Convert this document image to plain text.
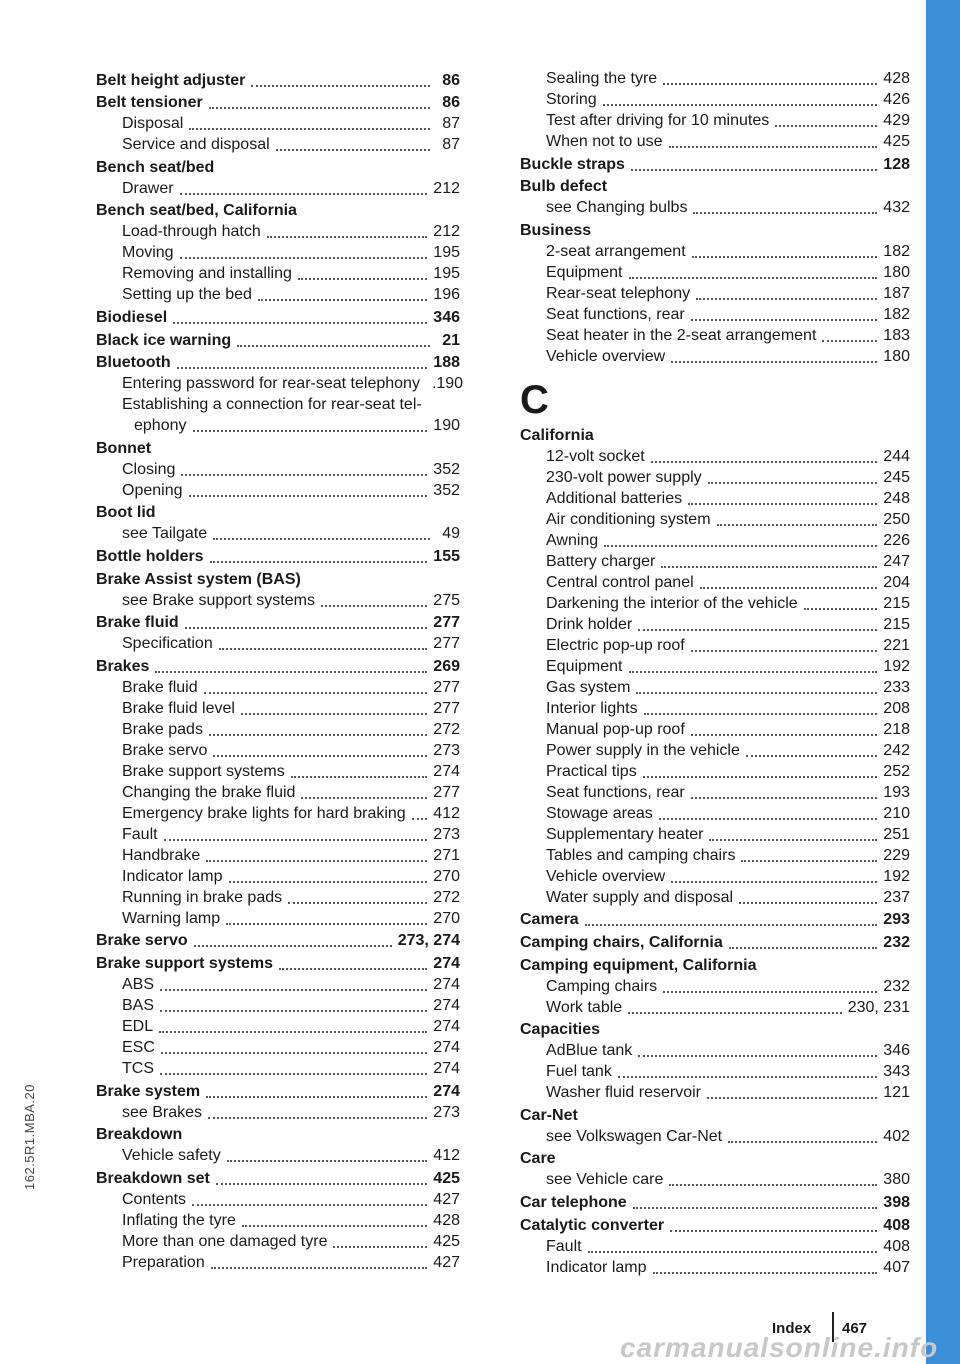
162.5R1.MBA.20
Belt height adjuster	86
Belt tensioner	86
Disposal	87
Service and disposal	87
Bench seat/bed
Drawer	212
Bench seat/bed, California
Load-through hatch	212
Moving	195
Removing and installing	195
Setting up the bed	196
Biodiesel	346
Black ice warning	21
Bluetooth	188
Entering password for rear-seat telephony .190
Establishing a connection for rear-seat tel-
ephony	190
Bonnet
Closing	352
Opening	352
Boot lid
see Tailgate	49
Bottle holders	155
Brake Assist system (BAS)
see Brake support systems	275
Brake fluid	277
Specification	277
Brakes	269
Brake fluid	277
Brake fluid level	277
Brake pads	272
Brake servo	273
Brake support systems	274
Changing the brake fluid	277
Emergency brake lights for hard braking 412
Fault	273
Handbrake	271
Indicator lamp	270
Running in brake pads	272
Warning lamp	270
Brake servo	273, 274
Brake support systems	274
ABS	274
BAS	274
EDL	274
ESC	274
TCS	274
Brake system	274
see Brakes	273
Breakdown
Vehicle safety	412
Breakdown set	425
Contents	427
Inflating the tyre	428
More than one damaged tyre	425
Preparation	427
Sealing the tyre	428
Storing	426
Test after driving for 10 minutes	429
When not to use	425
Buckle straps	128
Bulb defect
see Changing bulbs	432
Business
2-seat arrangement	182
Equipment	180
Rear-seat telephony	187
Seat functions, rear	182
Seat heater in the 2-seat arrangement	183
Vehicle overview	180
C
California
12-volt socket	244
230-volt power supply	245
Additional batteries	248
Air conditioning system	250
Awning	226
Battery charger	247
Central control panel	204
Darkening the interior of the vehicle	215
Drink holder	215
Electric pop-up roof	221
Equipment	192
Gas system	233
Interior lights	208
Manual pop-up roof	218
Power supply in the vehicle	242
Practical tips	252
Seat functions, rear	193
Stowage areas	210
Supplementary heater	251
Tables and camping chairs	229
Vehicle overview	192
Water supply and disposal	237
Camera	293
Camping chairs, California	232
Camping equipment, California
Camping chairs	232
Work table	230, 231
Capacities
AdBlue tank	346
Fuel tank	343
Washer fluid reservoir	121
Car-Net
see Volkswagen Car-Net	402
Care
see Vehicle care	380
Car telephone	398
Catalytic converter	408
Fault	408
Indicator lamp	407
Index 467
carmanualsonline.info
